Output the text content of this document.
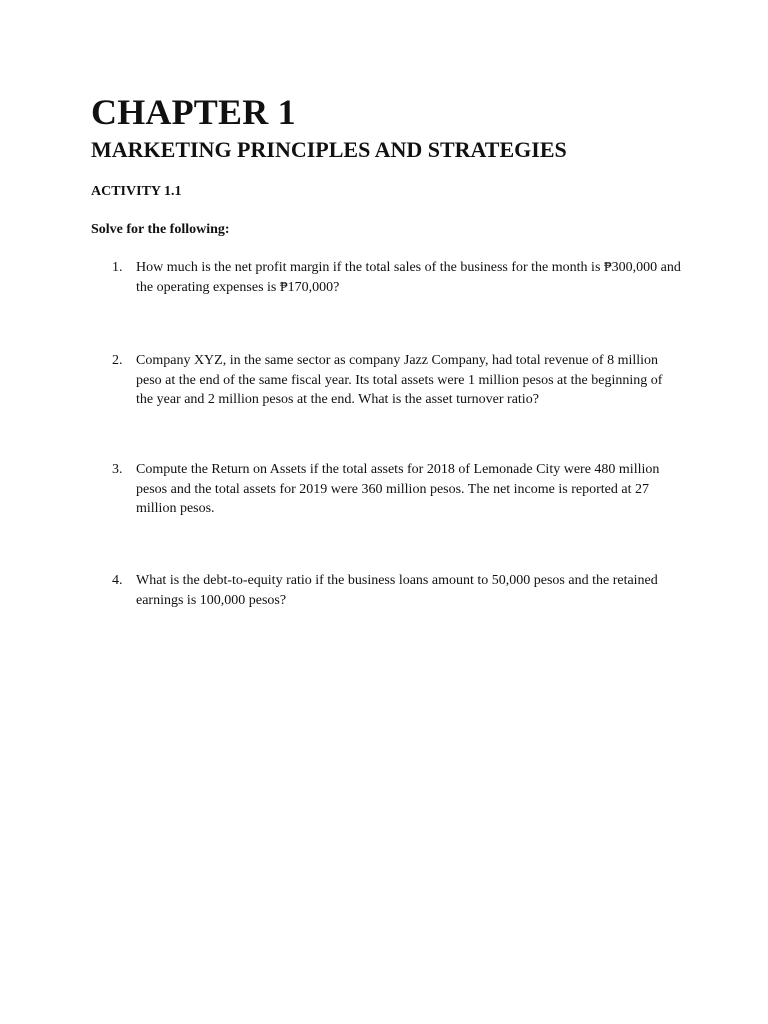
CHAPTER 1
MARKETING PRINCIPLES AND STRATEGIES
ACTIVITY 1.1
Solve for the following:
1. How much is the net profit margin if the total sales of the business for the month is ₱300,000 and the operating expenses is ₱170,000?
2. Company XYZ, in the same sector as company Jazz Company, had total revenue of 8 million peso at the end of the same fiscal year. Its total assets were 1 million pesos at the beginning of the year and 2 million pesos at the end. What is the asset turnover ratio?
3. Compute the Return on Assets if the total assets for 2018 of Lemonade City were 480 million pesos and the total assets for 2019 were 360 million pesos. The net income is reported at 27 million pesos.
4. What is the debt-to-equity ratio if the business loans amount to 50,000 pesos and the retained earnings is 100,000 pesos?
